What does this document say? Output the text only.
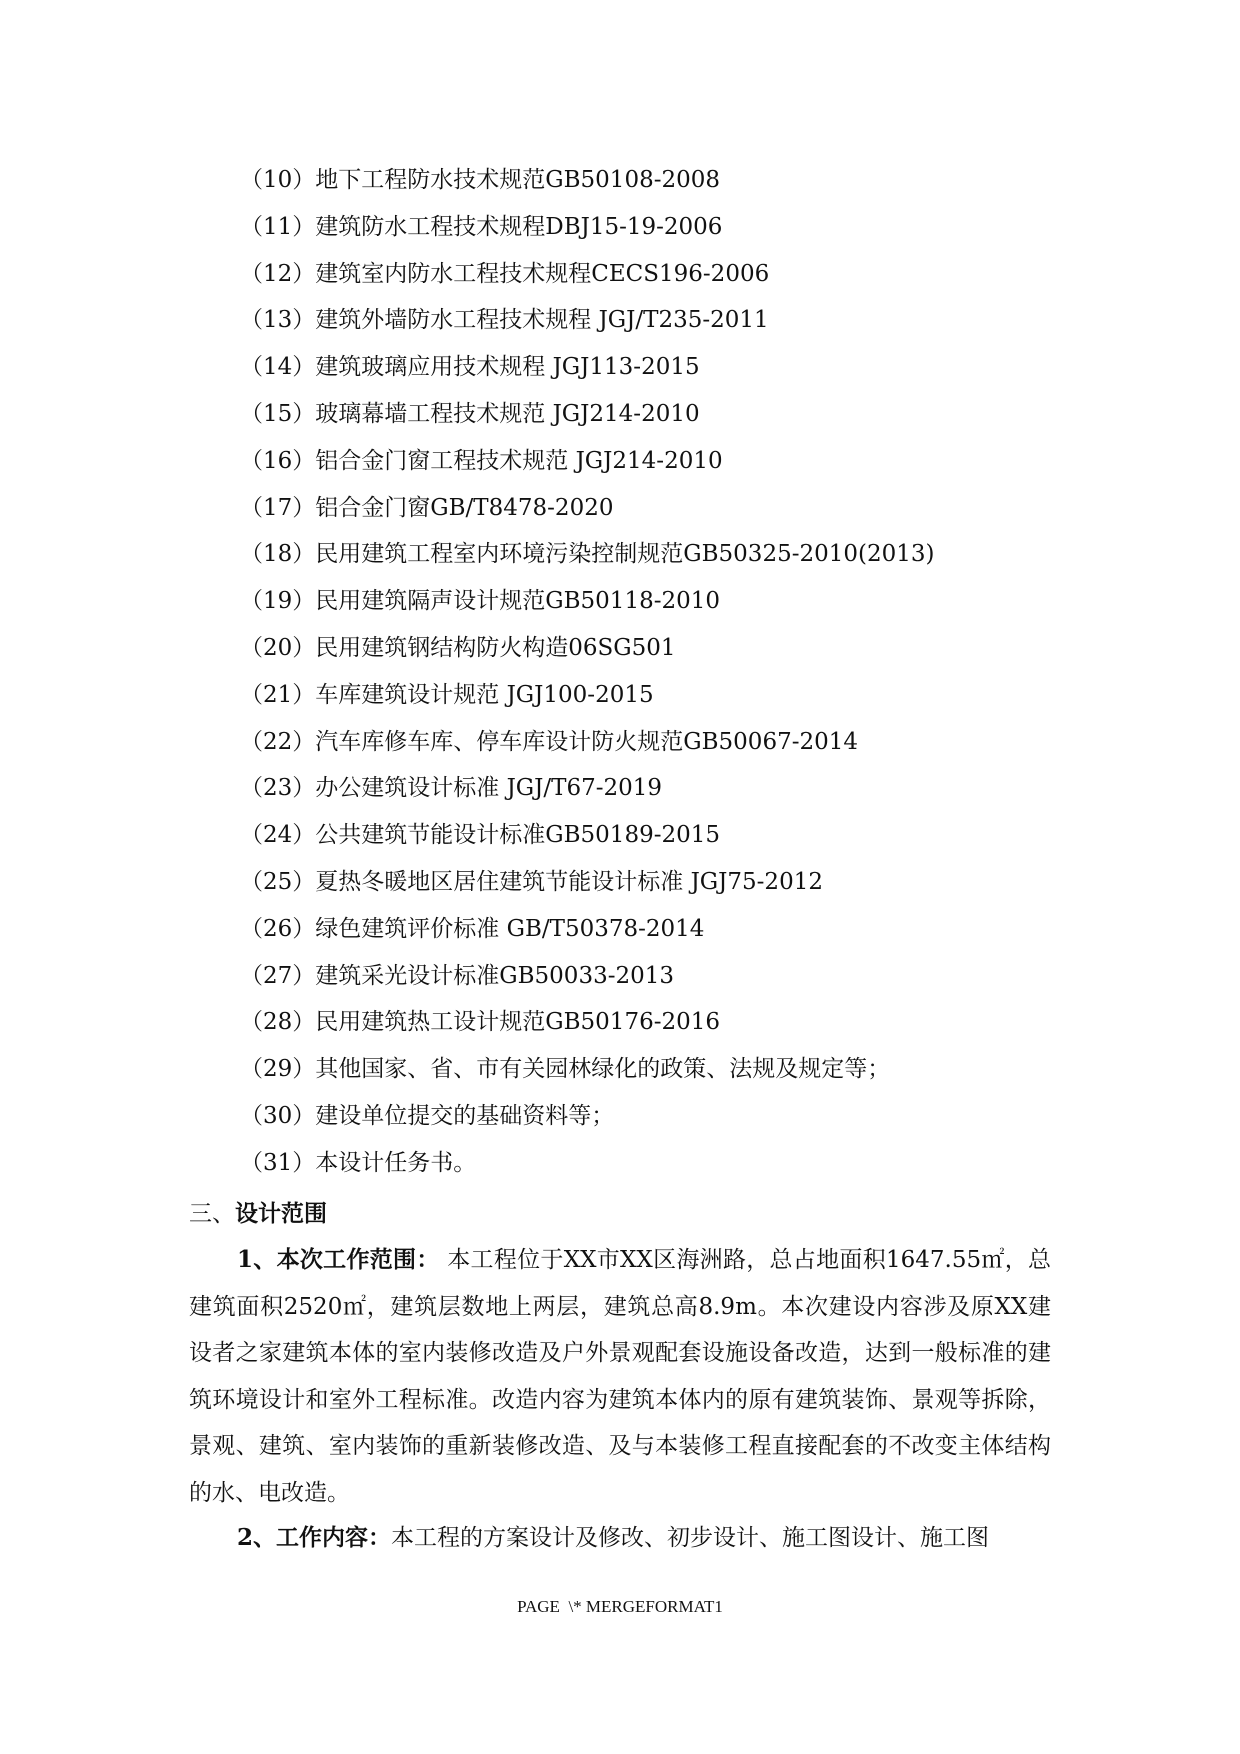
（10）地下工程防水技术规范GB50108-2008
（11）建筑防水工程技术规程DBJ15-19-2006
（12）建筑室内防水工程技术规程CECS196-2006
（13）建筑外墙防水工程技术规程 JGJ/T235-2011
（14）建筑玻璃应用技术规程 JGJ113-2015
（15）玻璃幕墙工程技术规范 JGJ214-2010
（16）铝合金门窗工程技术规范 JGJ214-2010
（17）铝合金门窗GB/T8478-2020
（18）民用建筑工程室内环境污染控制规范GB50325-2010(2013)
（19）民用建筑隔声设计规范GB50118-2010
（20）民用建筑钢结构防火构造06SG501
（21）车库建筑设计规范 JGJ100-2015
（22）汽车库修车库、停车库设计防火规范GB50067-2014
（23）办公建筑设计标准 JGJ/T67-2019
（24）公共建筑节能设计标准GB50189-2015
（25）夏热冬暖地区居住建筑节能设计标准 JGJ75-2012
（26）绿色建筑评价标准 GB/T50378-2014
（27）建筑采光设计标准GB50033-2013
（28）民用建筑热工设计规范GB50176-2016
（29）其他国家、省、市有关园林绿化的政策、法规及规定等；
（30）建设单位提交的基础资料等；
（31）本设计任务书。
三、设计范围

1、本次工作范围： 本工程位于XX市XX区海洲路，总占地面积1647.55㎡，总建筑面积2520㎡，建筑层数地上两层，建筑总高8.9m。本次建设内容涉及原XX建设者之家建筑本体的室内装修改造及户外景观配套设施设备改造，达到一般标准的建筑环境设计和室外工程标准。改造内容为建筑本体内的原有建筑装饰、景观等拆除，景观、建筑、室内装饰的重新装修改造、及与本装修工程直接配套的不改变主体结构的水、电改造。

2、工作内容：本工程的方案设计及修改、初步设计、施工图设计、施工图

PAGE  \* MERGEFORMAT1
